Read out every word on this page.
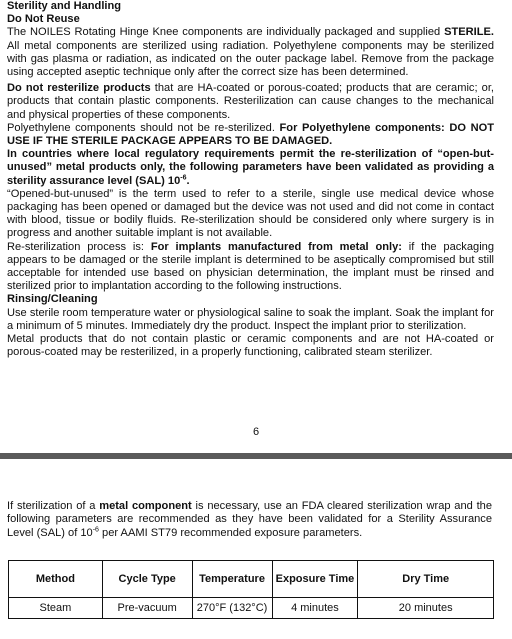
Sterility and Handling
Do Not Reuse

The NOILES Rotating Hinge Knee components are individually packaged and supplied STERILE. All metal components are sterilized using radiation. Polyethylene components may be sterilized with gas plasma or radiation, as indicated on the outer package label. Remove from the package using accepted aseptic technique only after the correct size has been determined.

Do not resterilize products that are HA-coated or porous-coated; products that are ceramic; or, products that contain plastic components. Resterilization can cause changes to the mechanical and physical properties of these components.

Polyethylene components should not be re-sterilized. For Polyethylene components: DO NOT USE IF THE STERILE PACKAGE APPEARS TO BE DAMAGED.

In countries where local regulatory requirements permit the re-sterilization of “open-but-unused” metal products only, the following parameters have been validated as providing a sterility assurance level (SAL) $10^{-6}$.

“Opened-but-unused” is the term used to refer to a sterile, single use medical device whose packaging has been opened or damaged but the device was not used and did not come in contact with blood, tissue or bodily fluids. Re-sterilization should be considered only where surgery is in progress and another suitable implant is not available.

Re-sterilization process is: For implants manufactured from metal only: if the packaging appears to be damaged or the sterile implant is determined to be aseptically compromised but still acceptable for intended use based on physician determination, the implant must be rinsed and sterilized prior to implantation according to the following instructions.

Rinsing/Cleaning

Use sterile room temperature water or physiological saline to soak the implant. Soak the implant for a minimum of 5 minutes. Immediately dry the product. Inspect the implant prior to sterilization.

Metal products that do not contain plastic or ceramic components and are not HA-coated or porous-coated may be resterilized, in a properly functioning, calibrated steam sterilizer.

6

If sterilization of a metal component is necessary, use an FDA cleared sterilization wrap and the following parameters are recommended as they have been validated for a Sterility Assurance Level (SAL) of $10^{-6}$ per AAMI ST79 recommended exposure parameters.

Method	Cycle Type	Temperature	Exposure Time	Dry Time
Steam	Pre-vacuum	270°F (132°C)	4 minutes	20 minutes
